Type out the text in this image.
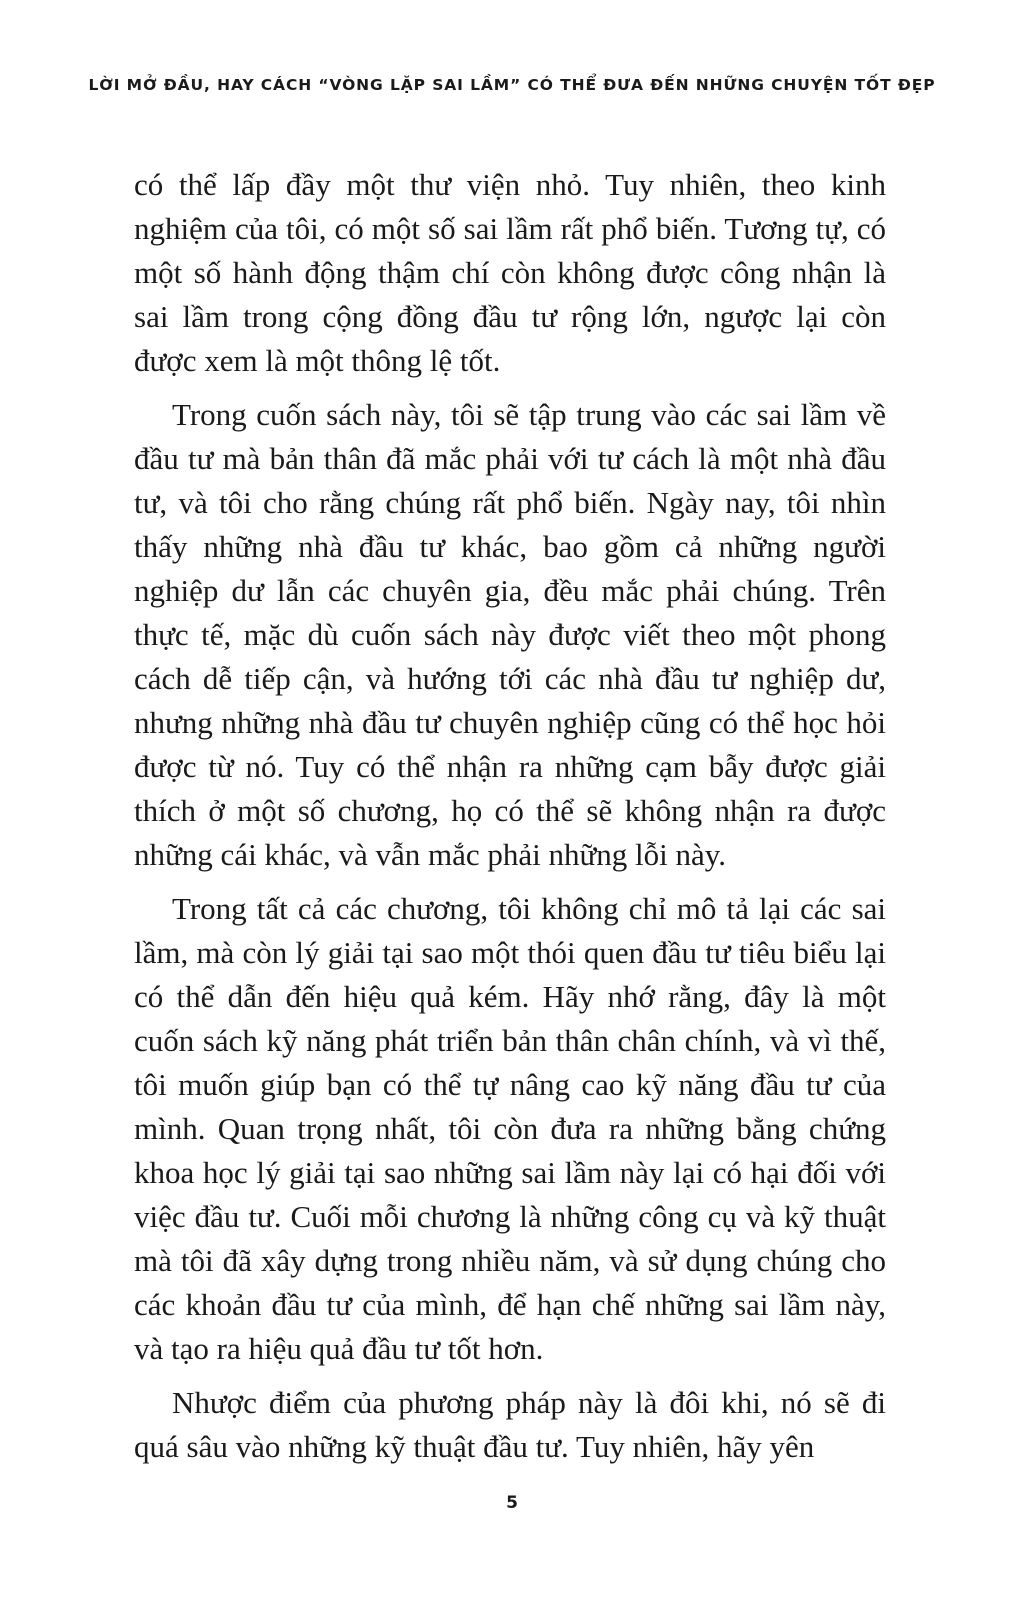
LỜI MỞ ĐẦU, HAY CÁCH “VÒNG LẶP SAI LẦM” CÓ THỂ ĐƯA ĐẾN NHỮNG CHUYỆN TỐT ĐẸP

có thể lấp đầy một thư viện nhỏ. Tuy nhiên, theo kinh nghiệm của tôi, có một số sai lầm rất phổ biến. Tương tự, có một số hành động thậm chí còn không được công nhận là sai lầm trong cộng đồng đầu tư rộng lớn, ngược lại còn được xem là một thông lệ tốt.

Trong cuốn sách này, tôi sẽ tập trung vào các sai lầm về đầu tư mà bản thân đã mắc phải với tư cách là một nhà đầu tư, và tôi cho rằng chúng rất phổ biến. Ngày nay, tôi nhìn thấy những nhà đầu tư khác, bao gồm cả những người nghiệp dư lẫn các chuyên gia, đều mắc phải chúng. Trên thực tế, mặc dù cuốn sách này được viết theo một phong cách dễ tiếp cận, và hướng tới các nhà đầu tư nghiệp dư, nhưng những nhà đầu tư chuyên nghiệp cũng có thể học hỏi được từ nó. Tuy có thể nhận ra những cạm bẫy được giải thích ở một số chương, họ có thể sẽ không nhận ra được những cái khác, và vẫn mắc phải những lỗi này.

Trong tất cả các chương, tôi không chỉ mô tả lại các sai lầm, mà còn lý giải tại sao một thói quen đầu tư tiêu biểu lại có thể dẫn đến hiệu quả kém. Hãy nhớ rằng, đây là một cuốn sách kỹ năng phát triển bản thân chân chính, và vì thế, tôi muốn giúp bạn có thể tự nâng cao kỹ năng đầu tư của mình. Quan trọng nhất, tôi còn đưa ra những bằng chứng khoa học lý giải tại sao những sai lầm này lại có hại đối với việc đầu tư. Cuối mỗi chương là những công cụ và kỹ thuật mà tôi đã xây dựng trong nhiều năm, và sử dụng chúng cho các khoản đầu tư của mình, để hạn chế những sai lầm này, và tạo ra hiệu quả đầu tư tốt hơn.

Nhược điểm của phương pháp này là đôi khi, nó sẽ đi quá sâu vào những kỹ thuật đầu tư. Tuy nhiên, hãy yên

5
